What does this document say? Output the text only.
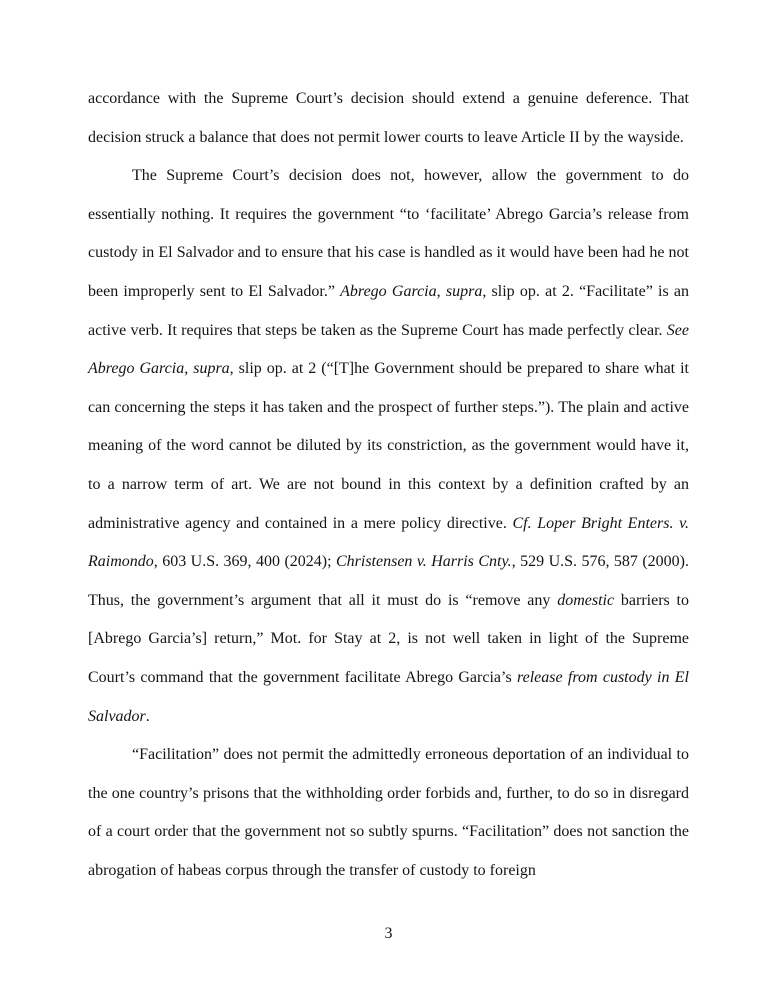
accordance with the Supreme Court’s decision should extend a genuine deference. That decision struck a balance that does not permit lower courts to leave Article II by the wayside.

The Supreme Court’s decision does not, however, allow the government to do essentially nothing. It requires the government “to ‘facilitate’ Abrego Garcia’s release from custody in El Salvador and to ensure that his case is handled as it would have been had he not been improperly sent to El Salvador.” Abrego Garcia, supra, slip op. at 2. “Facilitate” is an active verb. It requires that steps be taken as the Supreme Court has made perfectly clear. See Abrego Garcia, supra, slip op. at 2 (“[T]he Government should be prepared to share what it can concerning the steps it has taken and the prospect of further steps.”). The plain and active meaning of the word cannot be diluted by its constriction, as the government would have it, to a narrow term of art. We are not bound in this context by a definition crafted by an administrative agency and contained in a mere policy directive. Cf. Loper Bright Enters. v. Raimondo, 603 U.S. 369, 400 (2024); Christensen v. Harris Cnty., 529 U.S. 576, 587 (2000). Thus, the government’s argument that all it must do is “remove any domestic barriers to [Abrego Garcia’s] return,” Mot. for Stay at 2, is not well taken in light of the Supreme Court’s command that the government facilitate Abrego Garcia’s release from custody in El Salvador.

“Facilitation” does not permit the admittedly erroneous deportation of an individual to the one country’s prisons that the withholding order forbids and, further, to do so in disregard of a court order that the government not so subtly spurns. “Facilitation” does not sanction the abrogation of habeas corpus through the transfer of custody to foreign

3
